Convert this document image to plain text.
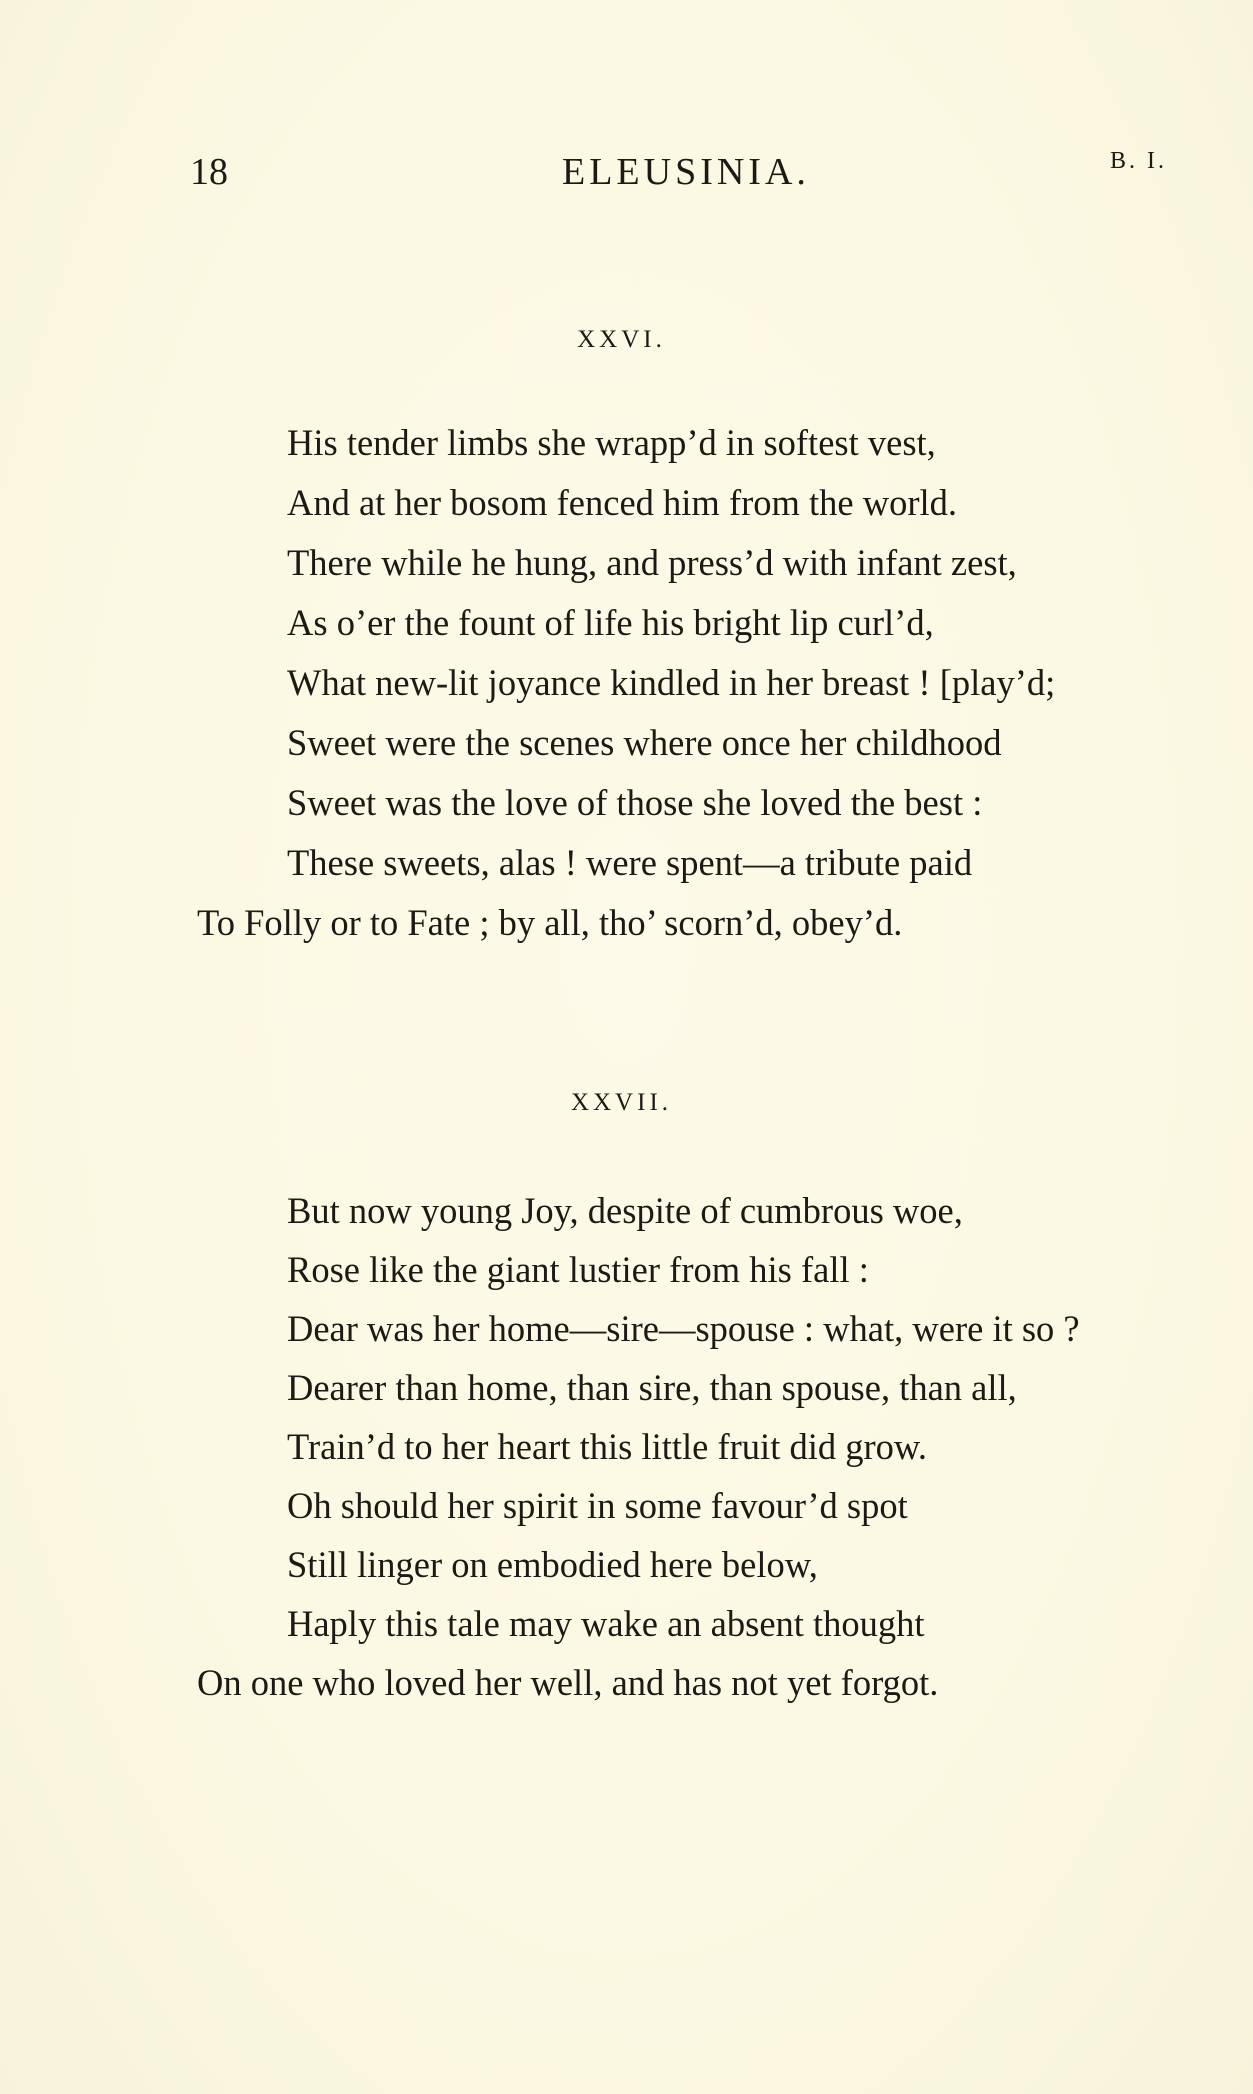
18	ELEUSINIA.	B. I.
XXVI.
His tender limbs she wrapp’d in softest vest,
And at her bosom fenced him from the world.
There while he hung, and press’d with infant zest,
As o’er the fount of life his bright lip curl’d,
What new-lit joyance kindled in her breast ! [play’d;
Sweet were the scenes where once her childhood
Sweet was the love of those she loved the best :
These sweets, alas ! were spent—a tribute paid
To Folly or to Fate ; by all, tho’ scorn’d, obey’d.
XXVII.
But now young Joy, despite of cumbrous woe,
Rose like the giant lustier from his fall :
Dear was her home—sire—spouse : what, were it so ?
Dearer than home, than sire, than spouse, than all,
Train’d to her heart this little fruit did grow.
Oh should her spirit in some favour’d spot
Still linger on embodied here below,
Haply this tale may wake an absent thought
On one who loved her well, and has not yet forgot.
